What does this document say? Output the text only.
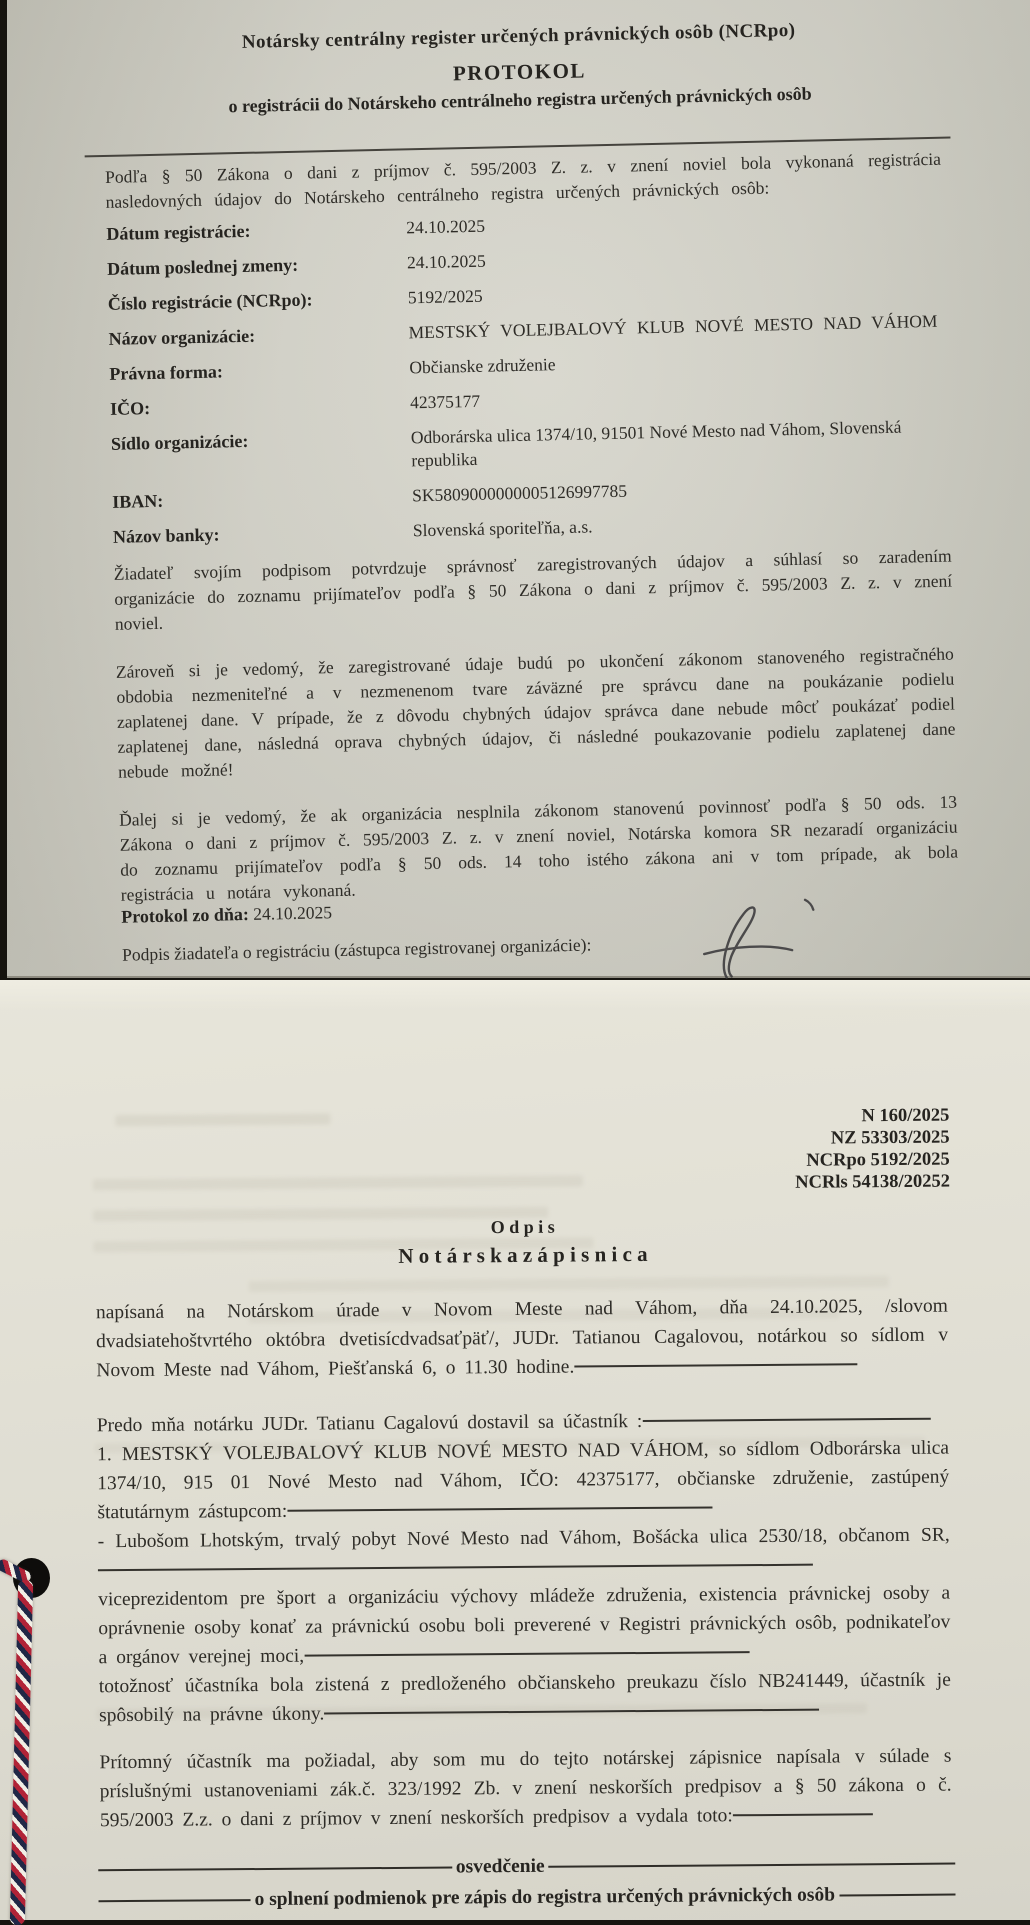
Notársky centrálny register určených právnických osôb (NCRpo)
PROTOKOL
o registrácii do Notárskeho centrálneho registra určených právnických osôb
Podľa § 50 Zákona o dani z príjmov č. 595/2003 Z. z. v znení noviel bola vykonaná registrácia nasledovných údajov do Notárskeho centrálneho registra určených právnických osôb:
Dátum registrácie:	24.10.2025
Dátum poslednej zmeny:	24.10.2025
Číslo registrácie (NCRpo):	5192/2025
Názov organizácie:	MESTSKÝ VOLEJBALOVÝ KLUB NOVÉ MESTO NAD VÁHOM
Právna forma:	Občianske združenie
IČO:	42375177
Sídlo organizácie:	Odborárska ulica 1374/10, 91501 Nové Mesto nad Váhom, Slovenská republika
IBAN:	SK5809000000005126997785
Názov banky:	Slovenská sporiteľňa, a.s.

Žiadateľ svojím podpisom potvrdzuje správnosť zaregistrovaných údajov a súhlasí so zaradením organizácie do zoznamu prijímateľov podľa § 50 Zákona o dani z príjmov č. 595/2003 Z. z. v znení noviel.

Zároveň si je vedomý, že zaregistrované údaje budú po ukončení zákonom stanoveného registračného obdobia nezmeniteľné a v nezmenenom tvare záväzné pre správcu dane na poukázanie podielu zaplatenej dane. V prípade, že z dôvodu chybných údajov správca dane nebude môcť poukázať podiel zaplatenej dane, následná oprava chybných údajov, či následné poukazovanie podielu zaplatenej dane nebude možné!

Ďalej si je vedomý, že ak organizácia nesplnila zákonom stanovenú povinnosť podľa § 50 ods. 13 Zákona o dani z príjmov č. 595/2003 Z. z. v znení noviel, Notárska komora SR nezaradí organizáciu do zoznamu prijímateľov podľa § 50 ods. 14 toho istého zákona ani v tom prípade, ak bola registrácia u notára vykonaná.

Protokol zo dňa: 24.10.2025
Podpis žiadateľa o registráciu (zástupca registrovanej organizácie):
N 160/2025
NZ 53303/2025
NCRpo 5192/2025
NCRls 54138/20252
O d p i s
N o t á r s k a z á p i s n i c a

napísaná na Notárskom úrade v Novom Meste nad Váhom, dňa 24.10.2025, /slovom dvadsiatehoštvrtého októbra dvetisícdvadsaťpäť/, JUDr. Tatianou Cagalovou, notárkou so sídlom v Novom Meste nad Váhom, Piešťanská 6, o 11.30 hodine.

Predo mňa notárku JUDr. Tatianu Cagalovú dostavil sa účastník :

1. MESTSKÝ VOLEJBALOVÝ KLUB NOVÉ MESTO NAD VÁHOM, so sídlom Odborárska ulica 1374/10, 915 01 Nové Mesto nad Váhom, IČO: 42375177, občianske združenie, zastúpený štatutárnym zástupcom:

- Lubošom Lhotským, trvalý pobyt Nové Mesto nad Váhom, Bošácka ulica 2530/18, občanom SR,

viceprezidentom pre šport a organizáciu výchovy mládeže združenia, existencia právnickej osoby a oprávnenie osoby konať za právnickú osobu boli preverené v Registri právnických osôb, podnikateľov a orgánov verejnej moci,

totožnosť účastníka bola zistená z predloženého občianskeho preukazu číslo NB241449, účastník je spôsobilý na právne úkony.

Prítomný účastník ma požiadal, aby som mu do tejto notárskej zápisnice napísala v súlade s príslušnými ustanoveniami zák.č. 323/1992 Zb. v znení neskorších predpisov a § 50 zákona o č. 595/2003 Z.z. o dani z príjmov v znení neskorších predpisov a vydala toto:

osvedčenie
o splnení podmienok pre zápis do registra určených právnických osôb
